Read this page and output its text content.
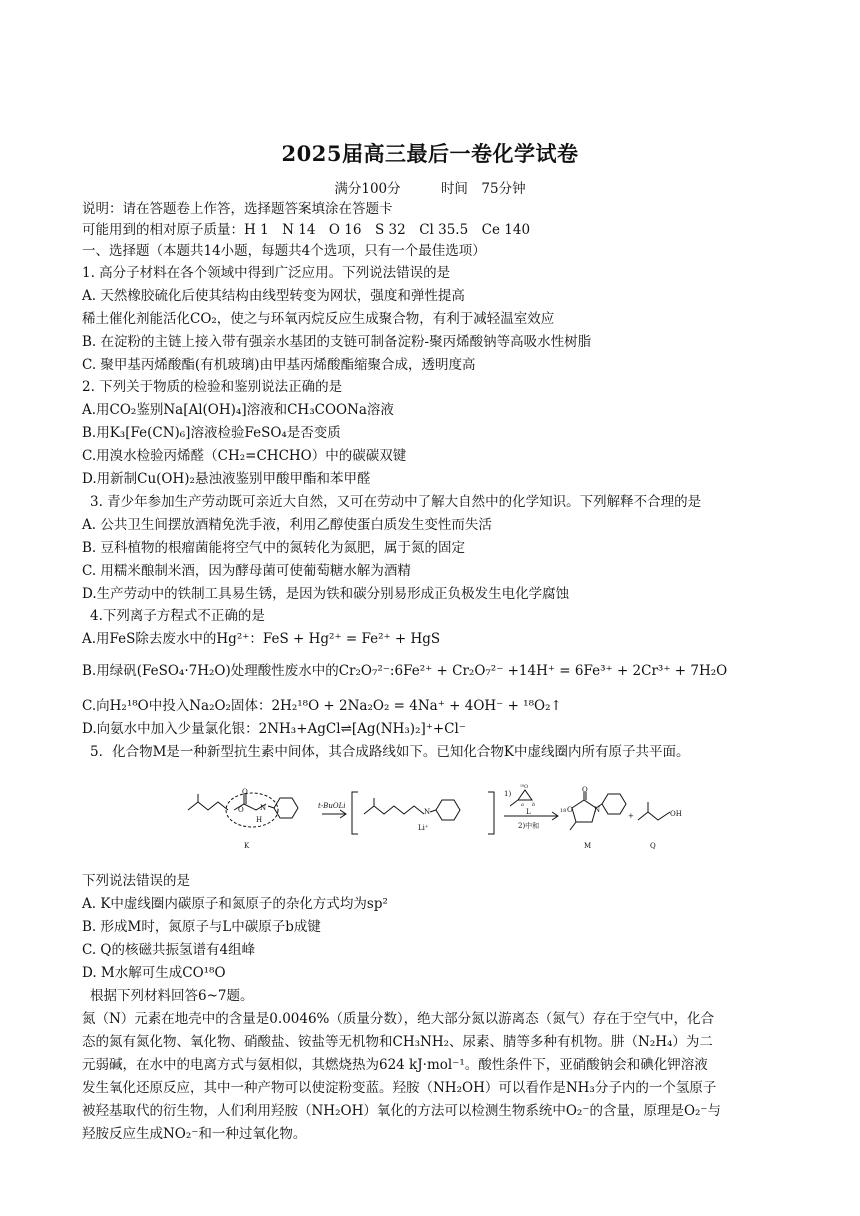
2025届高三最后一卷化学试卷
满分100分	时间　75分钟
说明：请在答题卷上作答，选择题答案填涂在答题卡
可能用到的相对原子质量：H 1　N 14　O 16　S 32　Cl 35.5　Ce 140
一、选择题（本题共14小题，每题共4个选项，只有一个最佳选项）
1. 高分子材料在各个领域中得到广泛应用。下列说法错误的是
A. 天然橡胶硫化后使其结构由线型转变为网状，强度和弹性提高
稀土催化剂能活化CO₂，使之与环氧丙烷反应生成聚合物，有利于减轻温室效应
B. 在淀粉的主链上接入带有强亲水基团的支链可制备淀粉-聚丙烯酸钠等高吸水性树脂
C. 聚甲基丙烯酸酯(有机玻璃)由甲基丙烯酸酯缩聚合成，透明度高
2. 下列关于物质的检验和鉴别说法正确的是
A.用CO₂鉴别Na[Al(OH)₄]溶液和CH₃COONa溶液
B.用K₃[Fe(CN)₆]溶液检验FeSO₄是否变质
C.用溴水检验丙烯醛（CH₂=CHCHO）中的碳碳双键
D.用新制Cu(OH)₂悬浊液鉴别甲酸甲酯和苯甲醛
3. 青少年参加生产劳动既可亲近大自然，又可在劳动中了解大自然中的化学知识。下列解释不合理的是
A. 公共卫生间摆放酒精免洗手液，利用乙醇使蛋白质发生变性而失活
B. 豆科植物的根瘤菌能将空气中的氮转化为氮肥，属于氮的固定
C. 用糯米酿制米酒，因为酵母菌可使葡萄糖水解为酒精
D.生产劳动中的铁制工具易生锈，是因为铁和碳分别易形成正负极发生电化学腐蚀
4.下列离子方程式不正确的是
A.用FeS除去废水中的Hg²⁺：FeS + Hg²⁺ = Fe²⁺ + HgS
B.用绿矾(FeSO₄·7H₂O)处理酸性废水中的Cr₂O₇²⁻:6Fe²⁺ + Cr₂O₇²⁻ +14H⁺ = 6Fe³⁺ + 2Cr³⁺ + 7H₂O
C.向H₂¹⁸O中投入Na₂O₂固体：2H₂¹⁸O + 2Na₂O₂ = 4Na⁺ + 4OH⁻ + ¹⁸O₂↑
D.向氨水中加入少量氯化银：2NH₃+AgCl⇌[Ag(NH₃)₂]⁺+Cl⁻
5．化合物M是一种新型抗生素中间体，其合成路线如下。已知化合物K中虚线圈内所有原子共平面。
O
O
N
H
K
t-BuOLi
N
Li⁺
1)
¹⁸O
a b
L
2)中和
O
18 O	N
M
+	OH
Q
下列说法错误的是
A. K中虚线圈内碳原子和氮原子的杂化方式均为sp²
B. 形成M时，氮原子与L中碳原子b成键
C. Q的核磁共振氢谱有4组峰
D. M水解可生成CO¹⁸O
根据下列材料回答6~7题。
氮（N）元素在地壳中的含量是0.0046%（质量分数），绝大部分氮以游离态（氮气）存在于空气中，化合
态的氮有氮化物、氧化物、硝酸盐、铵盐等无机物和CH₃NH₂、尿素、腈等多种有机物。肼（N₂H₄）为二
元弱碱，在水中的电离方式与氨相似，其燃烧热为624 kJ·mol⁻¹。酸性条件下，亚硝酸钠会和碘化钾溶液
发生氧化还原反应，其中一种产物可以使淀粉变蓝。羟胺（NH₂OH）可以看作是NH₃分子内的一个氢原子
被羟基取代的衍生物，人们利用羟胺（NH₂OH）氧化的方法可以检测生物系统中O₂⁻的含量，原理是O₂⁻与
羟胺反应生成NO₂⁻和一种过氧化物。
